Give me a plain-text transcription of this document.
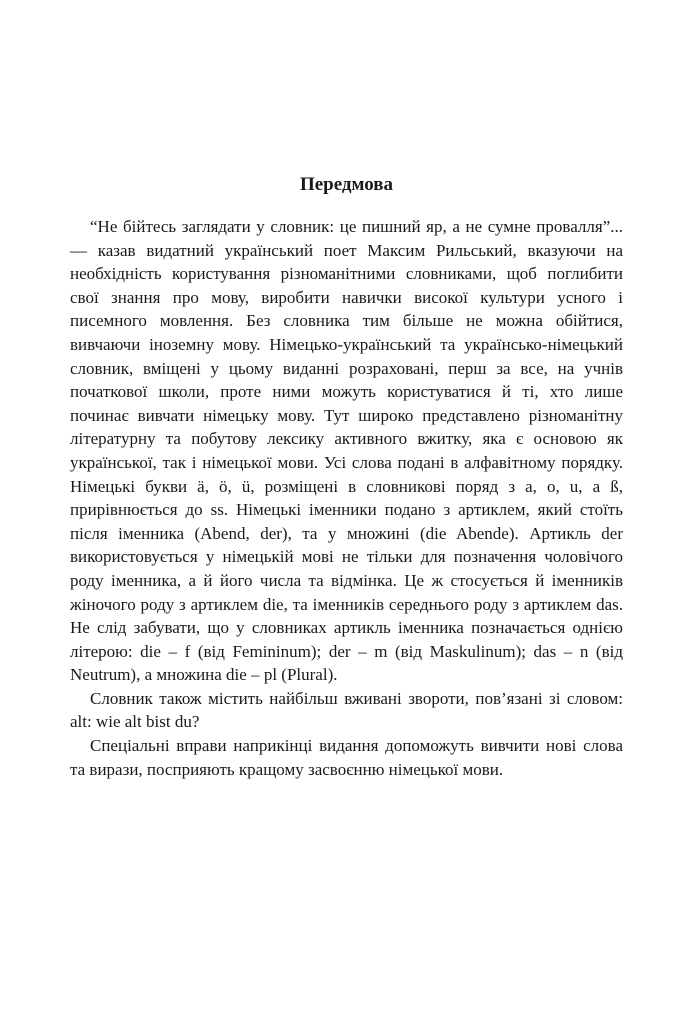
Передмова

“Не бійтесь заглядати у словник: це пишний яр, а не сумне провалля”... — казав видатний український поет Максим Рильський, вказуючи на необхідність користування різноманітними словниками, щоб поглибити свої знання про мову, виробити навички високої культури усного і писемного мовлення. Без словника тим більше не можна обійтися, вивчаючи іноземну мову. Німецько-український та українсько-німецький словник, вміщені у цьому виданні розраховані, перш за все, на учнів початкової школи, проте ними можуть користуватися й ті, хто лише починає вивчати німецьку мову. Тут широко представлено різноманітну літературну та побутову лексику активного вжитку, яка є основою як української, так і німецької мови. Усі слова подані в алфавітному порядку. Німецькі букви ä, ö, ü, розміщені в словникові поряд з a, o, u, a ß, прирівнюється до ss. Німецькі іменники подано з артиклем, який стоїть після іменника (Abend, der), та у множині (die Abende). Артикль der використовується у німецькій мові не тільки для позначення чоловічого роду іменника, а й його числа та відмінка. Це ж стосується й іменників жіночого роду з артиклем die, та іменників середнього роду з артиклем das. Не слід забувати, що у словниках артикль іменника позначається однією літерою: die – f (від Femininum); der – m (від Maskulinum); das – n (від Neutrum), а множина die – pl (Plural).

Словник також містить найбільш вживані звороти, пов’язані зі словом: alt: wie alt bist du?

Спеціальні вправи наприкінці видання допоможуть вивчити нові слова та вирази, посприяють кращому засвоєнню німецької мови.
